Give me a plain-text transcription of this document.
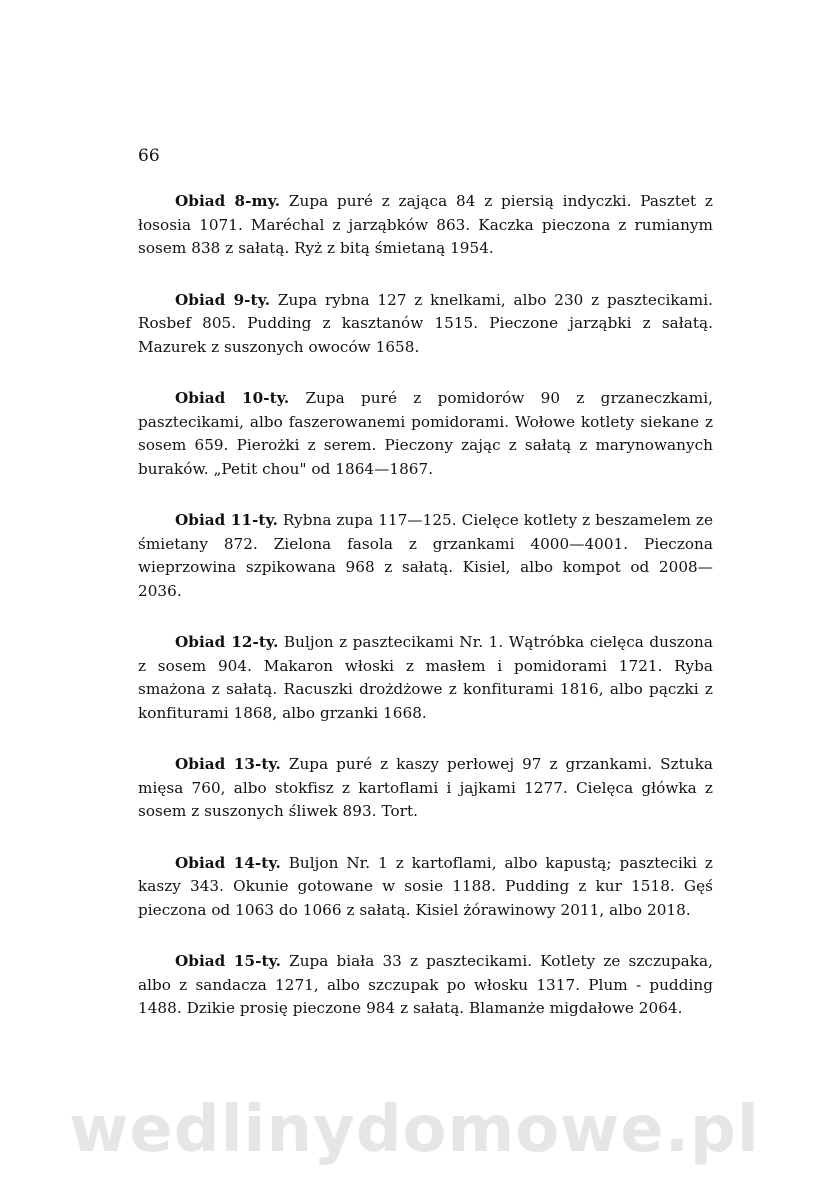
66

Obiad 8-my. Zupa puré z zająca 84 z piersią indyczki. Pasztet z łososia 1071. Maréchal z jarząbków 863. Kaczka pieczona z rumianym sosem 838 z sałatą. Ryż z bitą śmietaną 1954.

Obiad 9-ty. Zupa rybna 127 z knelkami, albo 230 z pasztecikami. Rosbef 805. Pudding z kasztanów 1515. Pieczone jarząbki z sałatą. Mazurek z suszonych owoców 1658.

Obiad 10-ty. Zupa puré z pomidorów 90 z grzaneczkami, pasztecikami, albo faszerowanemi pomidorami. Wołowe kotlety siekane z sosem 659. Pierożki z serem. Pieczony zając z sałatą z marynowanych buraków. „Petit chou" od 1864—1867.

Obiad 11-ty. Rybna zupa 117—125. Cielęce kotlety z beszamelem ze śmietany 872. Zielona fasola z grzankami 4000—4001. Pieczona wieprzowina szpikowana 968 z sałatą. Kisiel, albo kompot od 2008—2036.

Obiad 12-ty. Buljon z pasztecikami Nr. 1. Wątróbka cielęca duszona z sosem 904. Makaron włoski z masłem i pomidorami 1721. Ryba smażona z sałatą. Racuszki drożdżowe z konfiturami 1816, albo pączki z konfiturami 1868, albo grzanki 1668.

Obiad 13-ty. Zupa puré z kaszy perłowej 97 z grzankami. Sztuka mięsa 760, albo stokfisz z kartoflami i jajkami 1277. Cielęca główka z sosem z suszonych śliwek 893. Tort.

Obiad 14-ty. Buljon Nr. 1 z kartoflami, albo kapustą; paszteciki z kaszy 343. Okunie gotowane w sosie 1188. Pudding z kur 1518. Gęś pieczona od 1063 do 1066 z sałatą. Kisiel żórawinowy 2011, albo 2018.

Obiad 15-ty. Zupa biała 33 z pasztecikami. Kotlety ze szczupaka, albo z sandacza 1271, albo szczupak po włosku 1317. Plum - pudding 1488. Dzikie prosię pieczone 984 z sałatą. Blamanże migdałowe 2064.

wedlinydomowe.pl
